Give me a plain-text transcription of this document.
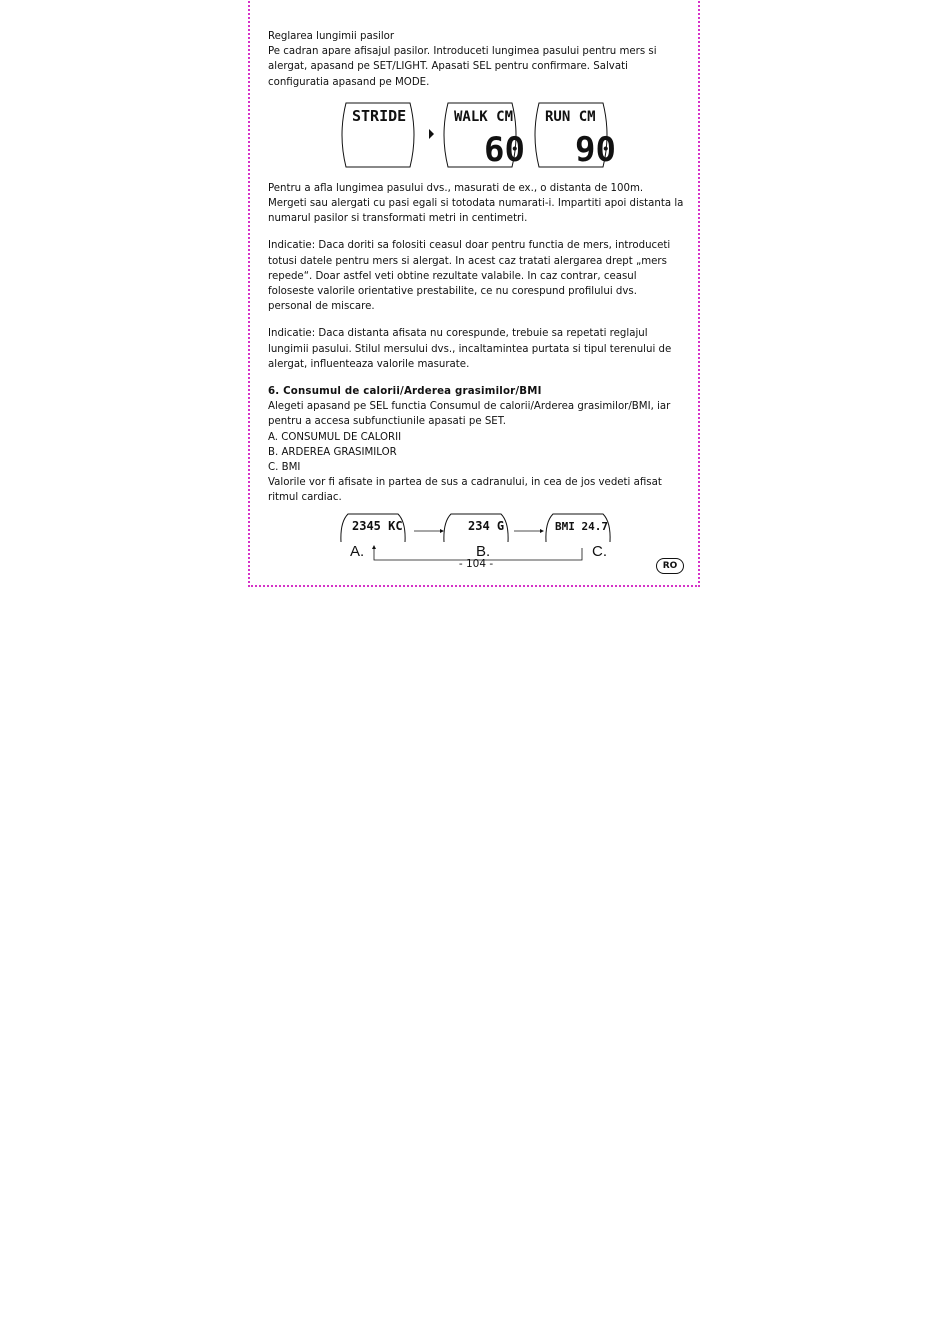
Reglarea lungimii pasilor

Pe cadran apare afisajul pasilor. Introduceti lungimea pasului pentru mers si alergat, apasand pe SET/LIGHT. Apasati SEL pentru confirmare. Salvati configuratia apasand pe MODE.

STRIDE	WALK CM
60
RUN CM
90

Pentru a afla lungimea pasului dvs., masurati de ex., o distanta de 100m. Mergeti sau alergati cu pasi egali si totodata numarati-i. Impartiti apoi distanta la numarul pasilor si transformati metri in centimetri.

Indicatie: Daca doriti sa folositi ceasul doar pentru functia de mers, introduceti totusi datele pentru mers si alergat. In acest caz tratati alergarea drept „mers repede“. Doar astfel veti obtine rezultate valabile. In caz contrar, ceasul foloseste valorile orientative prestabilite, ce nu corespund profilului dvs. personal de miscare.

Indicatie: Daca distanta afisata nu corespunde, trebuie sa repetati reglajul lungimii pasului. Stilul mersului dvs., incaltamintea purtata si tipul terenului de alergat, influenteaza valorile masurate.

6. Consumul de calorii/Arderea grasimilor/BMI

Alegeti apasand pe SEL functia Consumul de calorii/Arderea grasimilor/BMI, iar pentru a accesa subfunctiunile apasati pe SET.

A. CONSUMUL DE CALORII

B. ARDEREA GRASIMILOR

C. BMI

Valorile vor fi afisate in partea de sus a cadranului, in cea de jos vedeti afisat ritmul cardiac.

2345 KC	234 G	BMI 24.7
A.	B.	C.
- 104 -	RO
